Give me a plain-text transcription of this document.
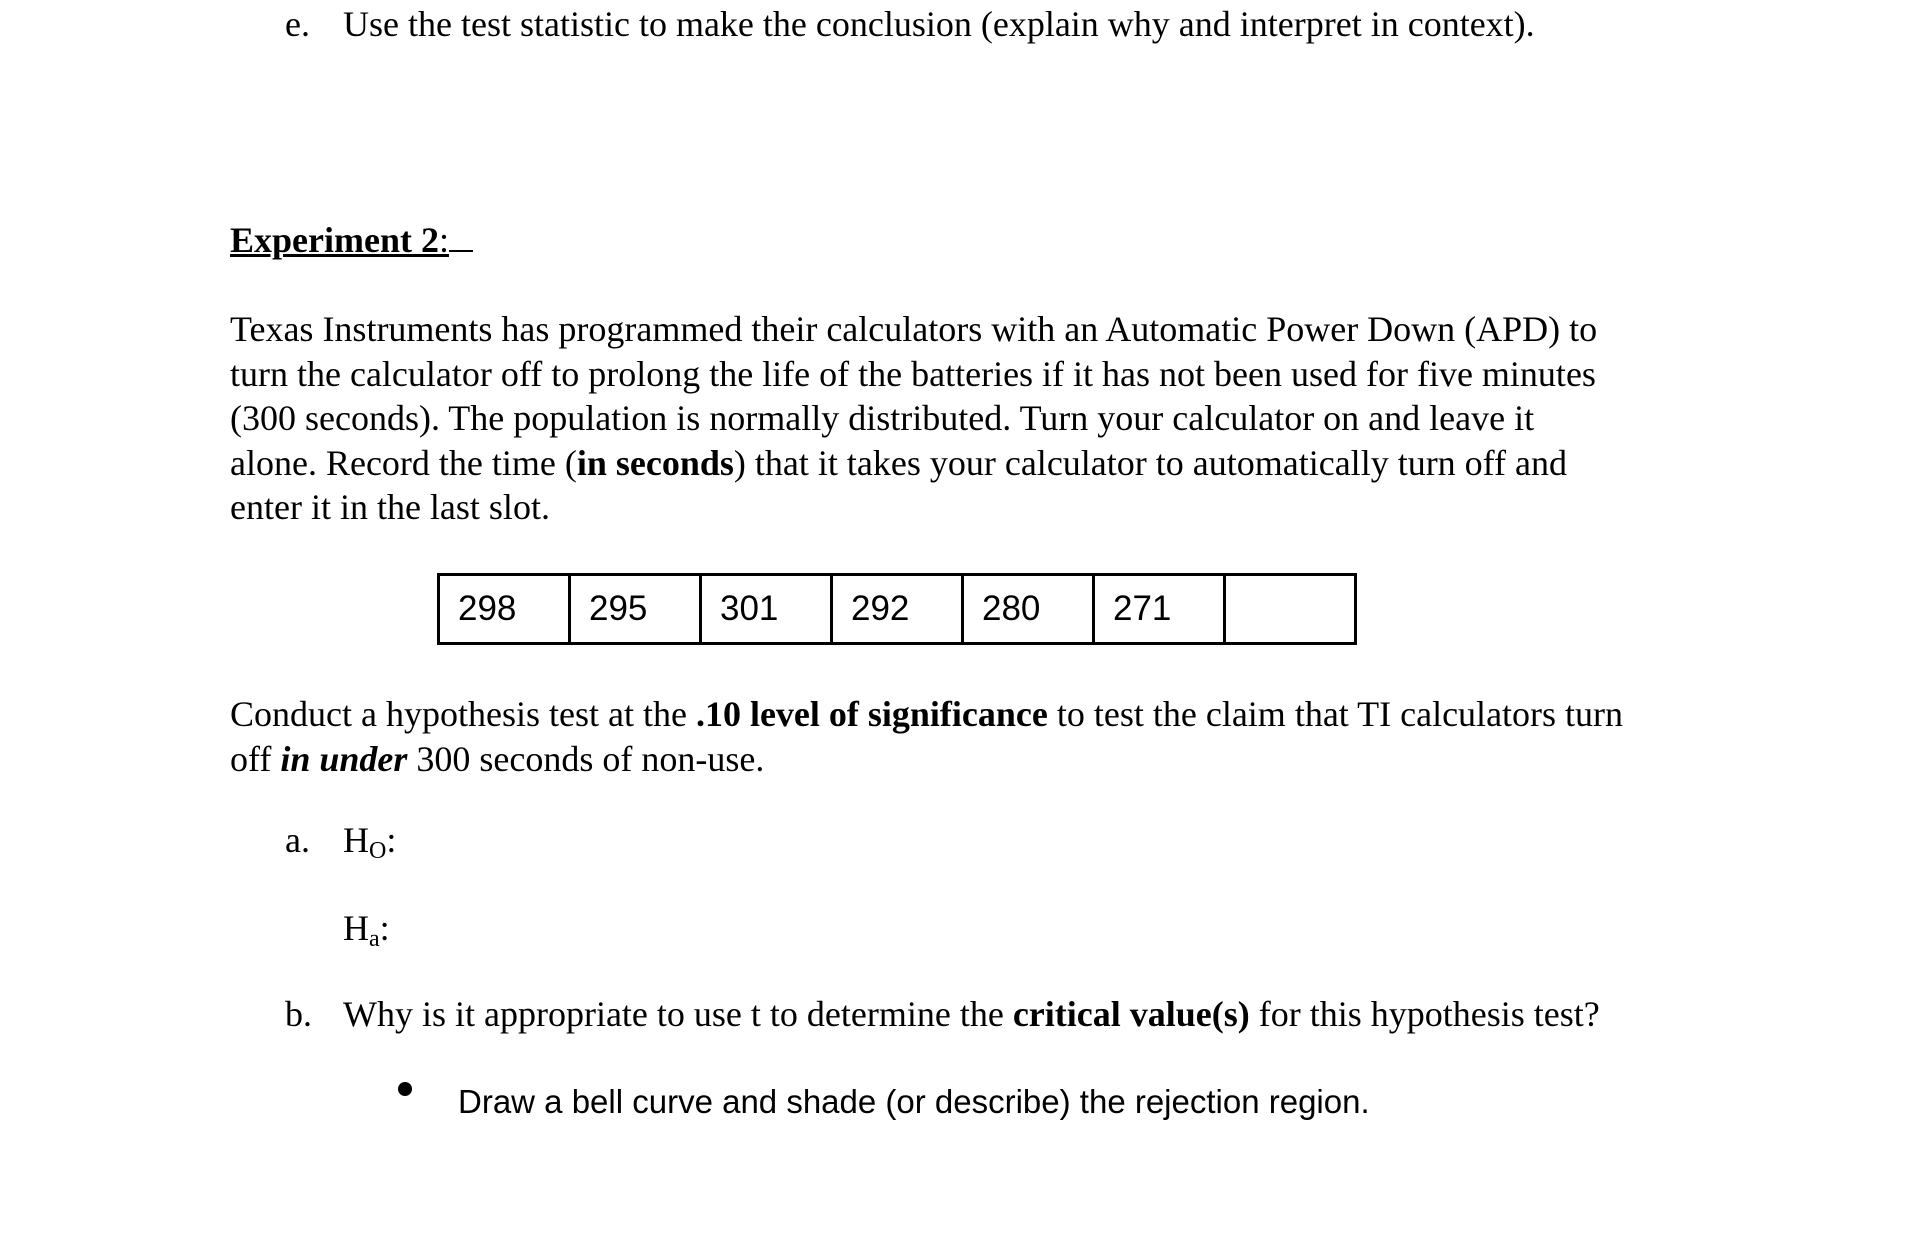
e. Use the test statistic to make the conclusion (explain why and interpret in context).
Experiment 2:

Texas Instruments has programmed their calculators with an Automatic Power Down (APD) to

turn the calculator off to prolong the life of the batteries if it has not been used for five minutes

(300 seconds). The population is normally distributed. Turn your calculator on and leave it

alone. Record the time (in seconds) that it takes your calculator to automatically turn off and

enter it in the last slot.

298	295	301	292	280	271	

Conduct a hypothesis test at the .10 level of significance to test the claim that TI calculators turn

off in under 300 seconds of non-use.

a. $H_O$:
$H_a$:
b. Why is it appropriate to use t to determine the critical value(s) for this hypothesis test?
Draw a bell curve and shade (or describe) the rejection region.
